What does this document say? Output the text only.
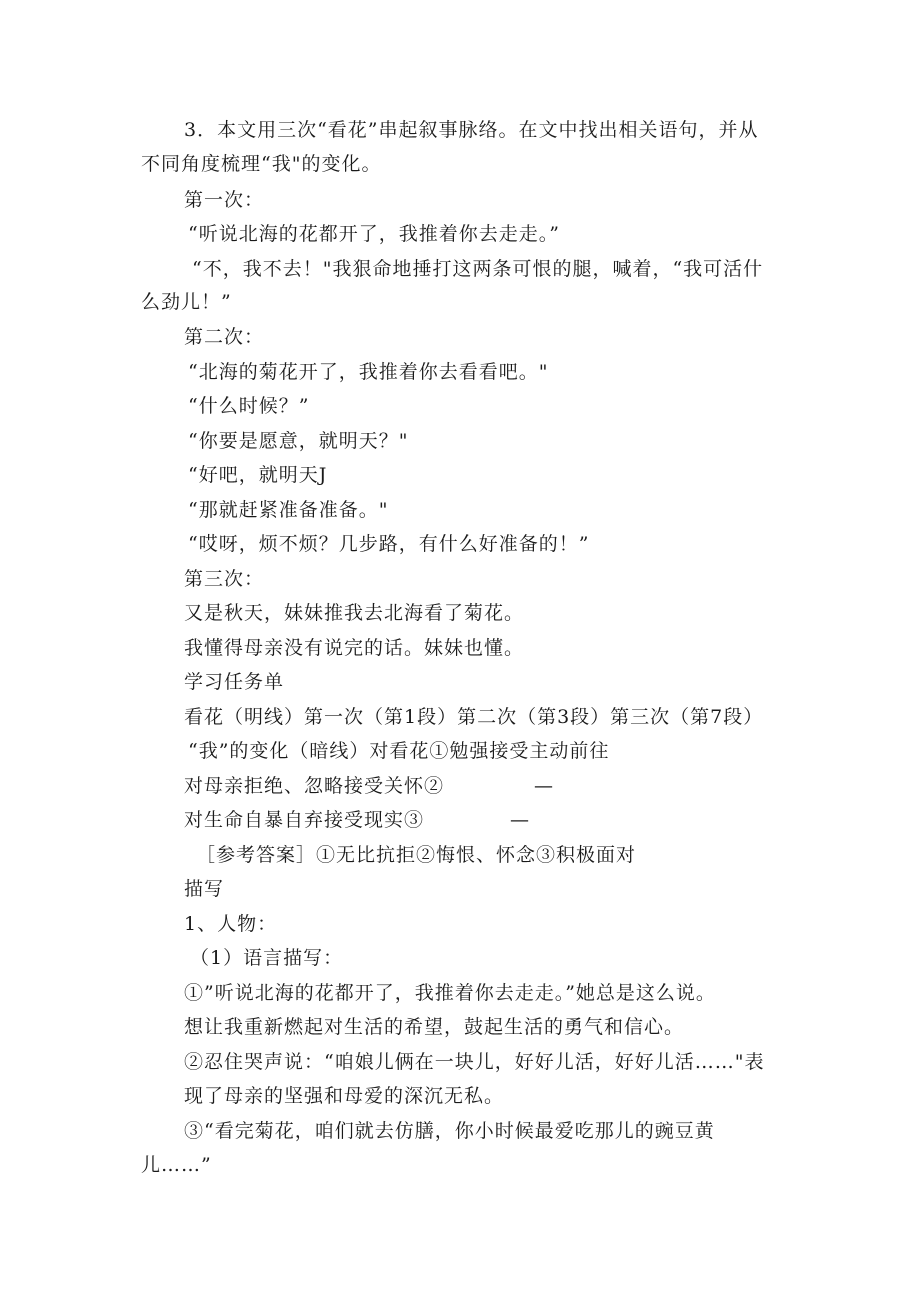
3．本文用三次“看花”串起叙事脉络。在文中找出相关语句，并从
不同角度梳理“我"的变化。
第一次：
“听说北海的花都开了，我推着你去走走。”
“不，我不去！"我狠命地捶打这两条可恨的腿，喊着，“我可活什
么劲儿！”
第二次：
“北海的菊花开了，我推着你去看看吧。"
“什么时候？”
“你要是愿意，就明天？"
“好吧，就明天J
“那就赶紧准备准备。"
“哎呀，烦不烦？几步路，有什么好准备的！”
第三次：
又是秋天，妹妹推我去北海看了菊花。
我懂得母亲没有说完的话。妹妹也懂。
学习任务单
看花（明线）第一次（第1段）第二次（第3段）第三次（第7段）
“我”的变化（暗线）对看花①勉强接受主动前往
对母亲拒绝、忽略接受关怀②	—
对生命自暴自弃接受现实③	—
［参考答案］①无比抗拒②悔恨、怀念③积极面对
描写
1、人物：
（1）语言描写：
①”听说北海的花都开了，我推着你去走走。”她总是这么说。
想让我重新燃起对生活的希望，鼓起生活的勇气和信心。
②忍住哭声说：“咱娘儿俩在一块儿，好好儿活，好好儿活……"表
现了母亲的坚强和母爱的深沉无私。
③“看完菊花，咱们就去仿膳，你小时候最爱吃那儿的豌豆黄
儿……”
